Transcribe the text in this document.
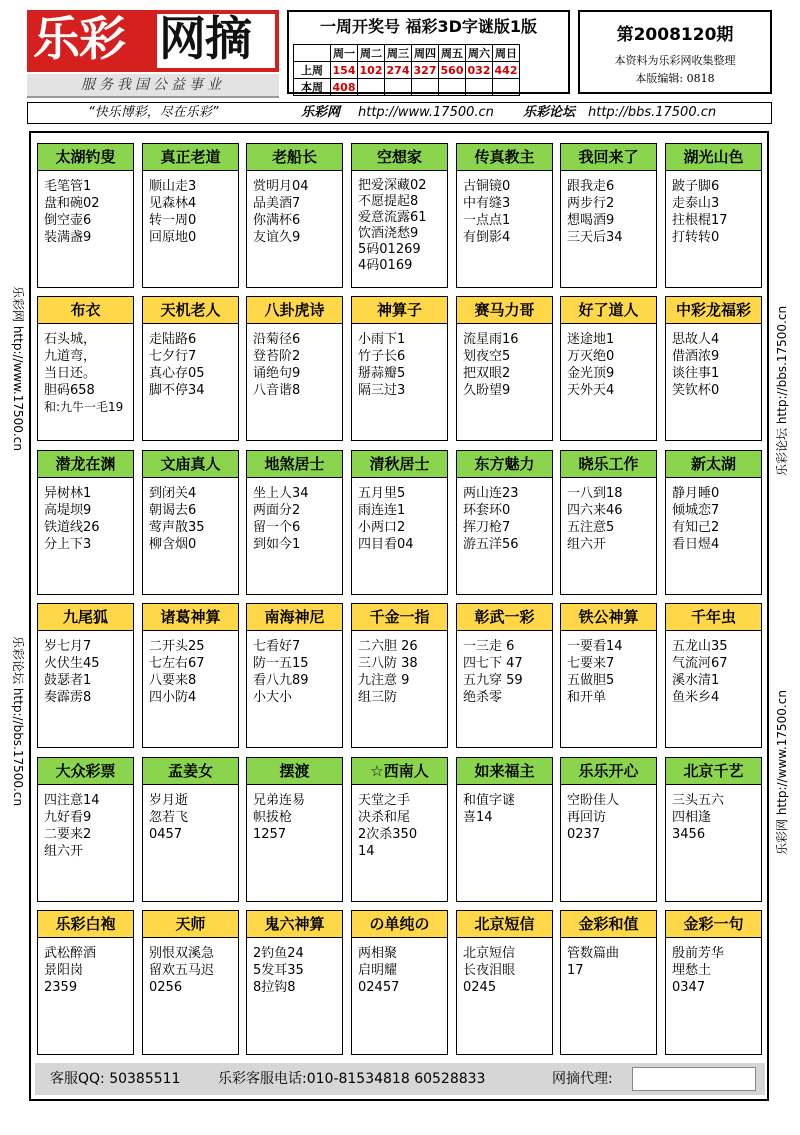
乐彩 网摘
服务我国公益事业
一周开奖号 福彩3D字谜版1版
	周一	周二	周三	周四	周五	周六	周日
上周	154	102	274	327	560	032	442
本周	408						
第2008120期
本资料为乐彩网收集整理
本版编辑: 0818
“快乐博彩，尽在乐彩”	乐彩网 http://www.17500.cn 乐彩论坛 http://bbs.17500.cn
乐彩网 http://www.17500.cn
乐彩论坛 http://bbs.17500.cn
乐彩论坛 http://bbs.17500.cn
乐彩网 http://www.17500.cn
太湖钓叟
毛笔管1
盘和碗02
倒空壶6
装满盏9
真正老道
顺山走3
见森林4
转一周0
回原地0
老船长
赏明月04
品美酒7
你满杯6
友谊久9
空想家
把爱深藏02
不愿提起8
爱意流露61
饮酒浇愁9
5码01269
4码0169
传真教主
古铜镜0
中有缝3
一点点1
有倒影4
我回来了
跟我走6
两步行2
想喝酒9
三天后34
湖光山色
跛子脚6
走泰山3
拄根棍17
打转转0
布衣
石头城，
九道弯，
当日还。
胆码658
和:九牛一毛19
天机老人
走陆路6
七夕行7
真心存05
脚不停34
八卦虎诗
沿菊径6
登苔阶2
诵绝句9
八音谐8
神算子
小雨下1
竹子长6
掰蒜瓣5
隔三过3
赛马力哥
流星雨16
划夜空5
把双眼2
久盼望9
好了道人
迷途地1
万灭绝0
金光顶9
天外天4
中彩龙福彩
思故人4
借酒浓9
谈往事1
笑钦杯0
潜龙在渊
异树林1
高堤坝9
铁道线26
分上下3
文庙真人
到闭关4
朝谒去6
莺声散35
柳含烟0
地煞居士
坐上人34
两面分2
留一个6
到如今1
清秋居士
五月里5
雨连连1
小两口2
四目看04
东方魅力
两山连23
环套环0
挥刀枪7
游五洋56
晓乐工作
一八到18
四六来46
五注意5
组六开
新太湖
静月睡0
倾城恋7
有知己2
看日煜4
九尾狐
岁七月7
火伏生45
鼓瑟者1
奏霹雳8
诸葛神算
二开头25
七左右67
八要来8
四小防4
南海神尼
七看好7
防一五15
看八九89
小大小
千金一指
二六胆 26
三八防 38
九注意 9
组三防
彰武一彩
一三走 6
四七下 47
五九穿 59
绝杀零
铁公神算
一要看14
七要来7
五做胆5
和开单
千年虫
五龙山35
气流河67
溪水清1
鱼米乡4
大众彩票
四注意14
九好看9
二要来2
组六开
孟姜女
岁月逝
忽若飞
0457
摆渡
兄弟连易
帜拔枪
1257
☆西南人
天堂之手
决杀和尾
2次杀350
14
如来福主
和值字谜
喜14
乐乐开心
空盼佳人
再回访
0237
北京千艺
三头五六
四相逢
3456
乐彩白袍
武松醉酒
景阳岗
2359
天师
别恨双溪急
留欢五马迟
0256
鬼六神算
2钓鱼24
5发耳35
8拉钩8
の单纯の
两相聚
启明耀
02457
北京短信
北京短信
长夜泪眼
0245
金彩和值
管数篇曲
17
金彩一句
殷前芳华
埋愁土
0347
客服QQ: 50385511	乐彩客服电话:010-81534818 60528833	网摘代理:
